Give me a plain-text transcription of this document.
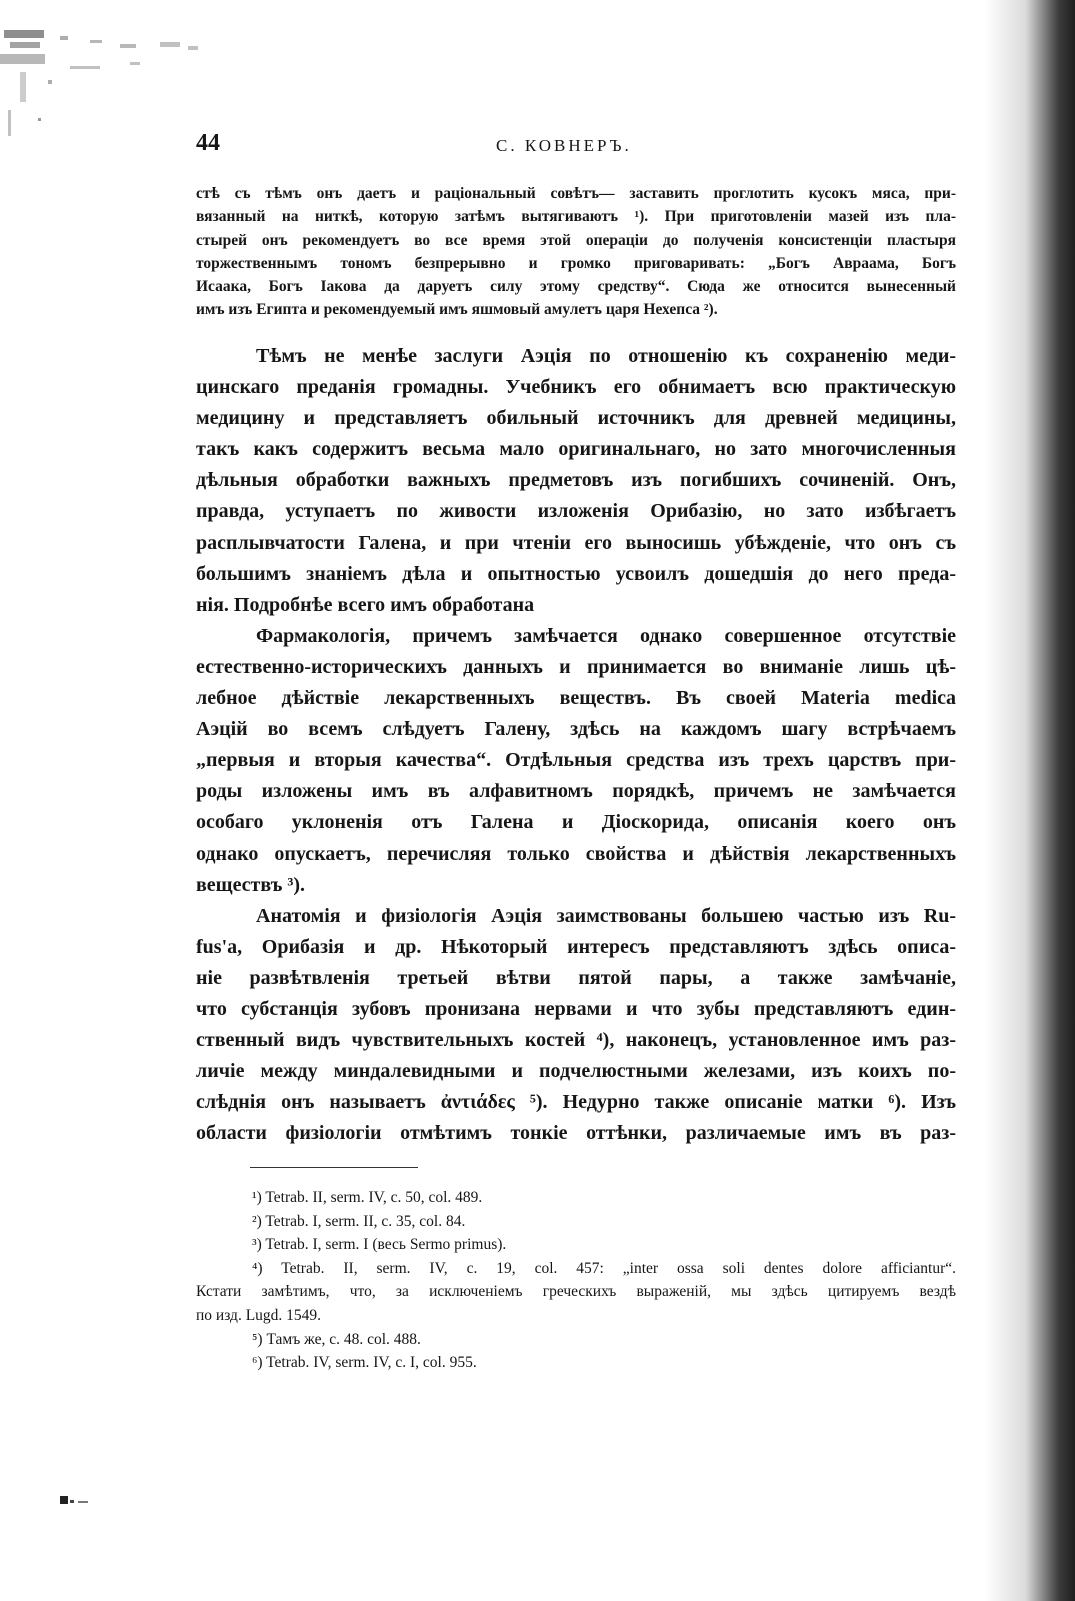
44	С. КОВНЕРЪ.
стѣ съ тѣмъ онъ даетъ и раціональный совѣтъ— заставить проглотить кусокъ мяса, при-
вязанный на ниткѣ, которую затѣмъ вытягиваютъ ¹). При приготовленіи мазей изъ пла-
стырей онъ рекомендуетъ во все время этой операціи до полученія консистенціи пластыря
торжественнымъ тономъ безпрерывно и громко приговаривать: „Богъ Авраама, Богъ
Исаака, Богъ Іакова да даруетъ силу этому средству“. Сюда же относится вынесенный
имъ изъ Египта и рекомендуемый имъ яшмовый амулетъ царя Нехепса ²).
Тѣмъ не менѣе заслуги Аэція по отношенію къ сохраненію меди-
цинскаго преданія громадны. Учебникъ его обнимаетъ всю практическую
медицину и представляетъ обильный источникъ для древней медицины,
такъ какъ содержитъ весьма мало оригинальнаго, но зато многочисленныя
дѣльныя обработки важныхъ предметовъ изъ погибшихъ сочиненій. Онъ,
правда, уступаетъ по живости изложенія Орибазію, но зато избѣгаетъ
расплывчатости Галена, и при чтеніи его выносишь убѣжденіе, что онъ съ
большимъ знаніемъ дѣла и опытностью усвоилъ дошедшія до него преда-
нія. Подробнѣе всего имъ обработана
Фармакологія, причемъ замѣчается однако совершенное отсутствіе
естественно-историческихъ данныхъ и принимается во вниманіе лишь цѣ-
лебное дѣйствіе лекарственныхъ веществъ. Въ своей Materia medica
Аэцій во всемъ слѣдуетъ Галену, здѣсь на каждомъ шагу встрѣчаемъ
„первыя и вторыя качества“. Отдѣльныя средства изъ трехъ царствъ при-
роды изложены имъ въ алфавитномъ порядкѣ, причемъ не замѣчается
особаго уклоненія отъ Галена и Діоскорида, описанія коего онъ
однако опускаетъ, перечисляя только свойства и дѣйствія лекарственныхъ
веществъ ³).
Анатомія и физіологія Аэція заимствованы большею частью изъ Ru-
fus'а, Орибазія и др. Нѣкоторый интересъ представляютъ здѣсь описа-
ніе развѣтвленія третьей вѣтви пятой пары, а также замѣчаніе,
что субстанція зубовъ пронизана нервами и что зубы представляютъ един-
ственный видъ чувствительныхъ костей ⁴), наконецъ, установленное имъ раз-
личіе между миндалевидными и подчелюстными железами, изъ коихъ по-
слѣднія онъ называетъ ἀντιάδες ⁵). Недурно также описаніе матки ⁶). Изъ
области физіологіи отмѣтимъ тонкіе оттѣнки, различаемые имъ въ раз-
¹) Tetrab. II, serm. IV, c. 50, col. 489.
²) Tetrab. I, serm. II, c. 35, col. 84.
³) Tetrab. I, serm. I (весь Sermo primus).
⁴) Tetrab. II, serm. IV, c. 19, col. 457: „inter ossa soli dentes dolore afficiantur“.
Кстати замѣтимъ, что, за исключеніемъ греческихъ выраженій, мы здѣсь цитируемъ вездѣ
по изд. Lugd. 1549.
⁵) Тамъ же, c. 48. col. 488.
⁶) Tetrab. IV, serm. IV, c. I, col. 955.
